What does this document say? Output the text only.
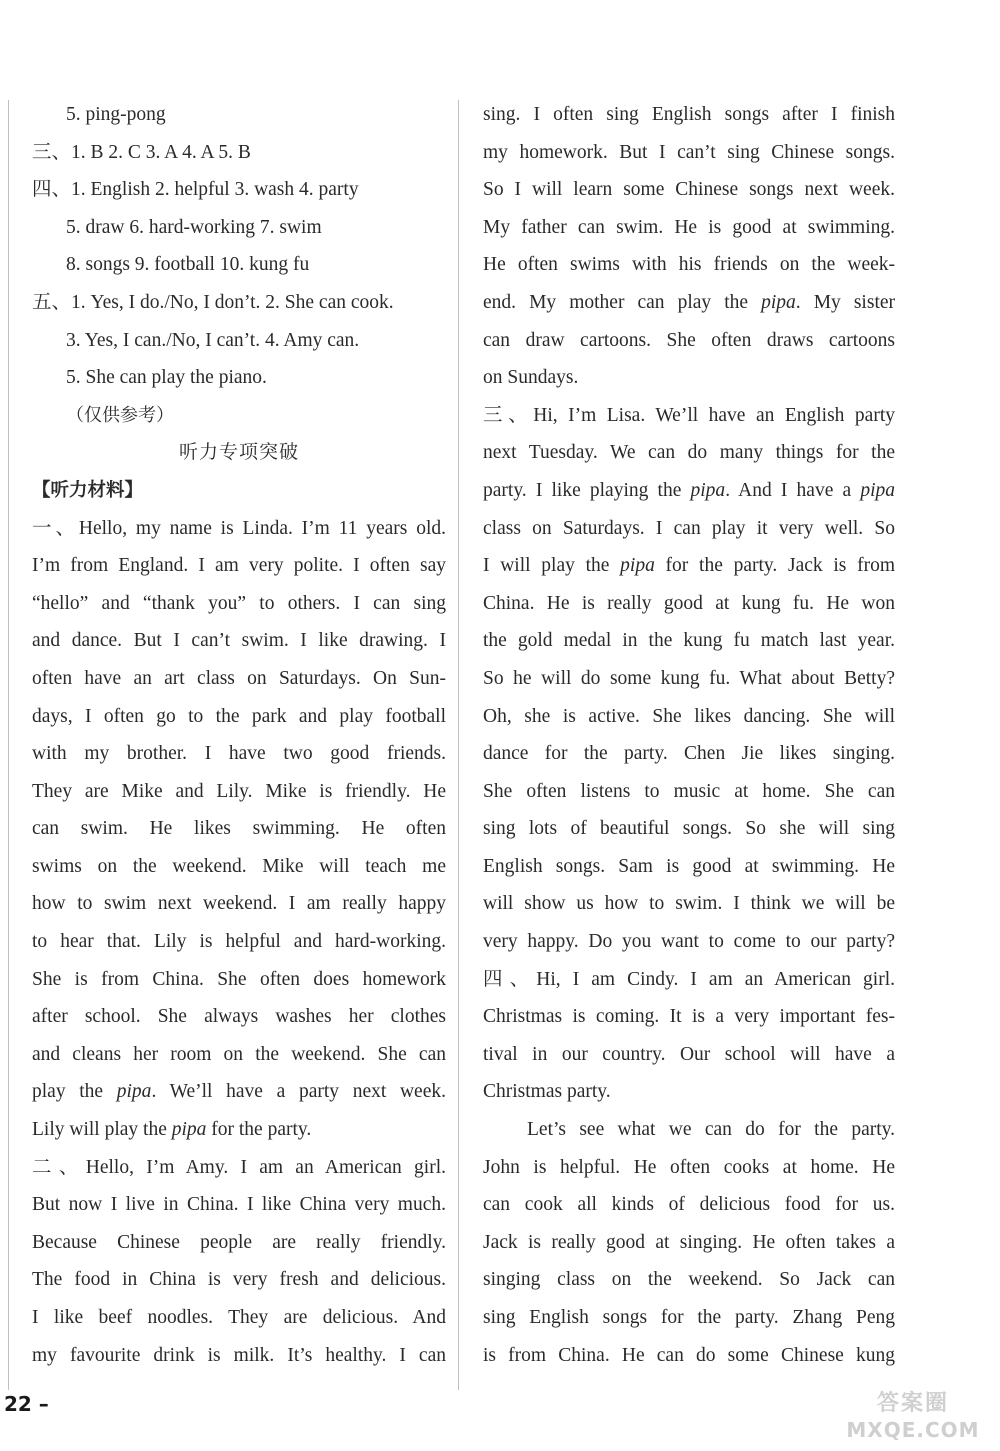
5. ping-pong
三、1. B 2. C 3. A 4. A 5. B
四、1. English 2. helpful 3. wash 4. party
5. draw 6. hard-working 7. swim
8. songs 9. football 10. kung fu
五、1. Yes, I do./No, I don’t. 2. She can cook.
3. Yes, I can./No, I can’t. 4. Amy can.
5. She can play the piano.
（仅供参考）
听力专项突破
【听力材料】
一、Hello, my name is Linda. I’m 11 years old.
I’m from England. I am very polite. I often say
“hello” and “thank you” to others. I can sing
and dance. But I can’t swim. I like drawing. I
often have an art class on Saturdays. On Sun-
days, I often go to the park and play football
with my brother. I have two good friends.
They are Mike and Lily. Mike is friendly. He
can swim. He likes swimming. He often
swims on the weekend. Mike will teach me
how to swim next weekend. I am really happy
to hear that. Lily is helpful and hard-working.
She is from China. She often does homework
after school. She always washes her clothes
and cleans her room on the weekend. She can
play the pipa. We’ll have a party next week.
Lily will play the pipa for the party.
二、Hello, I’m Amy. I am an American girl.
But now I live in China. I like China very much.
Because Chinese people are really friendly.
The food in China is very fresh and delicious.
I like beef noodles. They are delicious. And
my favourite drink is milk. It’s healthy. I can
sing. I often sing English songs after I finish
my homework. But I can’t sing Chinese songs.
So I will learn some Chinese songs next week.
My father can swim. He is good at swimming.
He often swims with his friends on the week-
end. My mother can play the pipa. My sister
can draw cartoons. She often draws cartoons
on Sundays.
三、Hi, I’m Lisa. We’ll have an English party
next Tuesday. We can do many things for the
party. I like playing the pipa. And I have a pipa
class on Saturdays. I can play it very well. So
I will play the pipa for the party. Jack is from
China. He is really good at kung fu. He won
the gold medal in the kung fu match last year.
So he will do some kung fu. What about Betty?
Oh, she is active. She likes dancing. She will
dance for the party. Chen Jie likes singing.
She often listens to music at home. She can
sing lots of beautiful songs. So she will sing
English songs. Sam is good at swimming. He
will show us how to swim. I think we will be
very happy. Do you want to come to our party?
四、Hi, I am Cindy. I am an American girl.
Christmas is coming. It is a very important fes-
tival in our country. Our school will have a
Christmas party.
Let’s see what we can do for the party.
John is helpful. He often cooks at home. He
can cook all kinds of delicious food for us.
Jack is really good at singing. He often takes a
singing class on the weekend. So Jack can
sing English songs for the party. Zhang Peng
is from China. He can do some Chinese kung
22 –	答案圈
MXQE.COM
